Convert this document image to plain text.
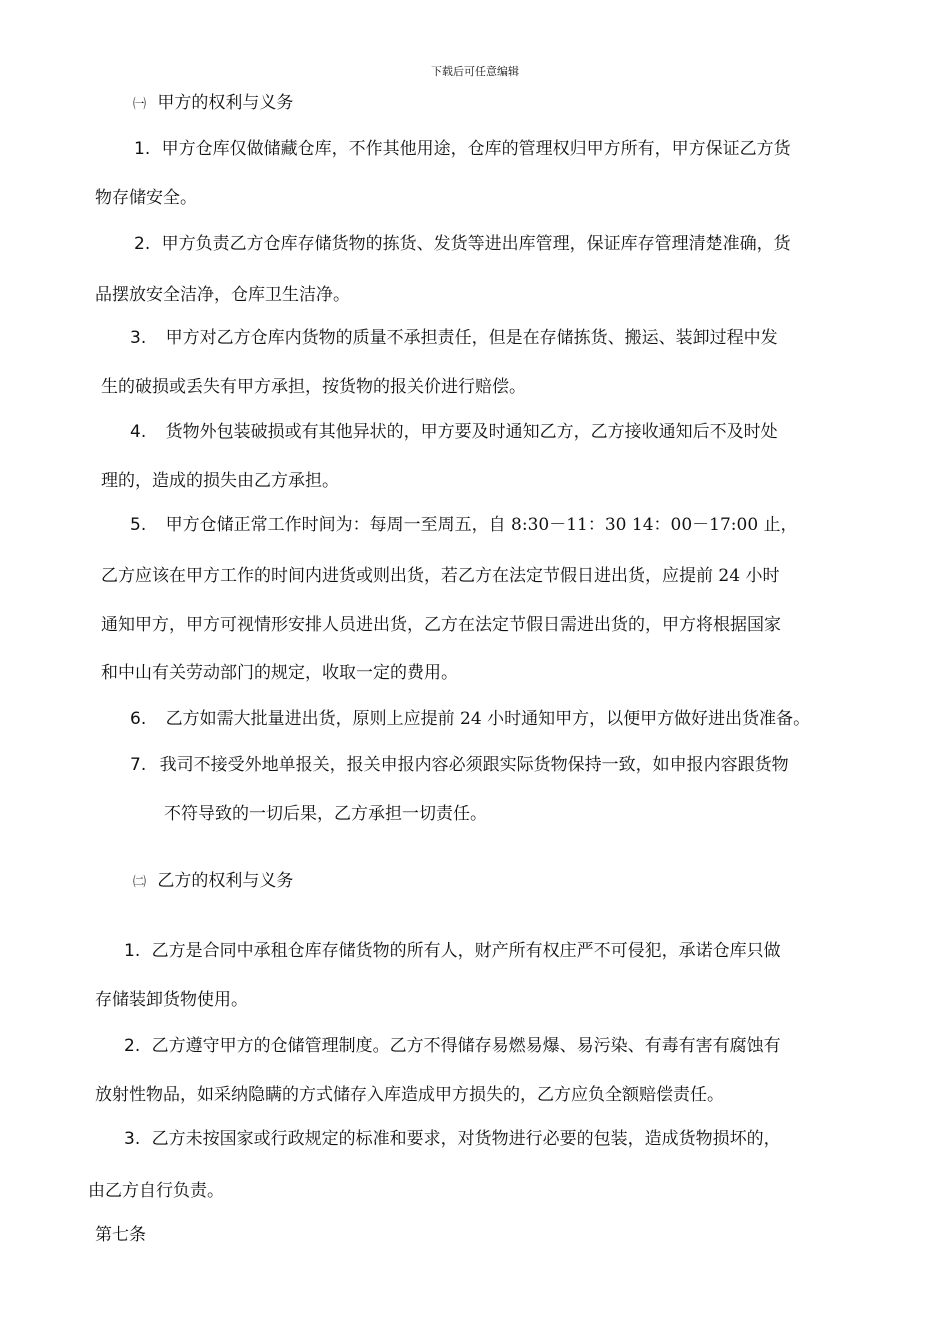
下载后可任意编辑
㈠ 甲方的权利与义务
1. 甲方仓库仅做储藏仓库，不作其他用途，仓库的管理权归甲方所有，甲方保证乙方货
物存储安全。
2. 甲方负责乙方仓库存储货物的拣货、发货等进出库管理，保证库存管理清楚准确，货
品摆放安全洁净，仓库卫生洁净。
3. 甲方对乙方仓库内货物的质量不承担责任，但是在存储拣货、搬运、装卸过程中发
生的破损或丢失有甲方承担，按货物的报关价进行赔偿。
4. 货物外包装破损或有其他异状的，甲方要及时通知乙方，乙方接收通知后不及时处
理的，造成的损失由乙方承担。
5. 甲方仓储正常工作时间为：每周一至周五，自 8:30－11：30 14：00－17:00 止，
乙方应该在甲方工作的时间内进货或则出货，若乙方在法定节假日进出货，应提前 24 小时
通知甲方，甲方可视情形安排人员进出货，乙方在法定节假日需进出货的，甲方将根据国家
和中山有关劳动部门的规定，收取一定的费用。
6. 乙方如需大批量进出货，原则上应提前 24 小时通知甲方，以便甲方做好进出货准备。
7. 我司不接受外地单报关，报关申报内容必须跟实际货物保持一致，如申报内容跟货物
不符导致的一切后果，乙方承担一切责任。
㈡ 乙方的权利与义务
1. 乙方是合同中承租仓库存储货物的所有人，财产所有权庄严不可侵犯，承诺仓库只做
存储装卸货物使用。
2. 乙方遵守甲方的仓储管理制度。乙方不得储存易燃易爆、易污染、有毒有害有腐蚀有
放射性物品，如采纳隐瞒的方式储存入库造成甲方损失的，乙方应负全额赔偿责任。
3. 乙方未按国家或行政规定的标准和要求，对货物进行必要的包装，造成货物损坏的，
由乙方自行负责。
第七条
